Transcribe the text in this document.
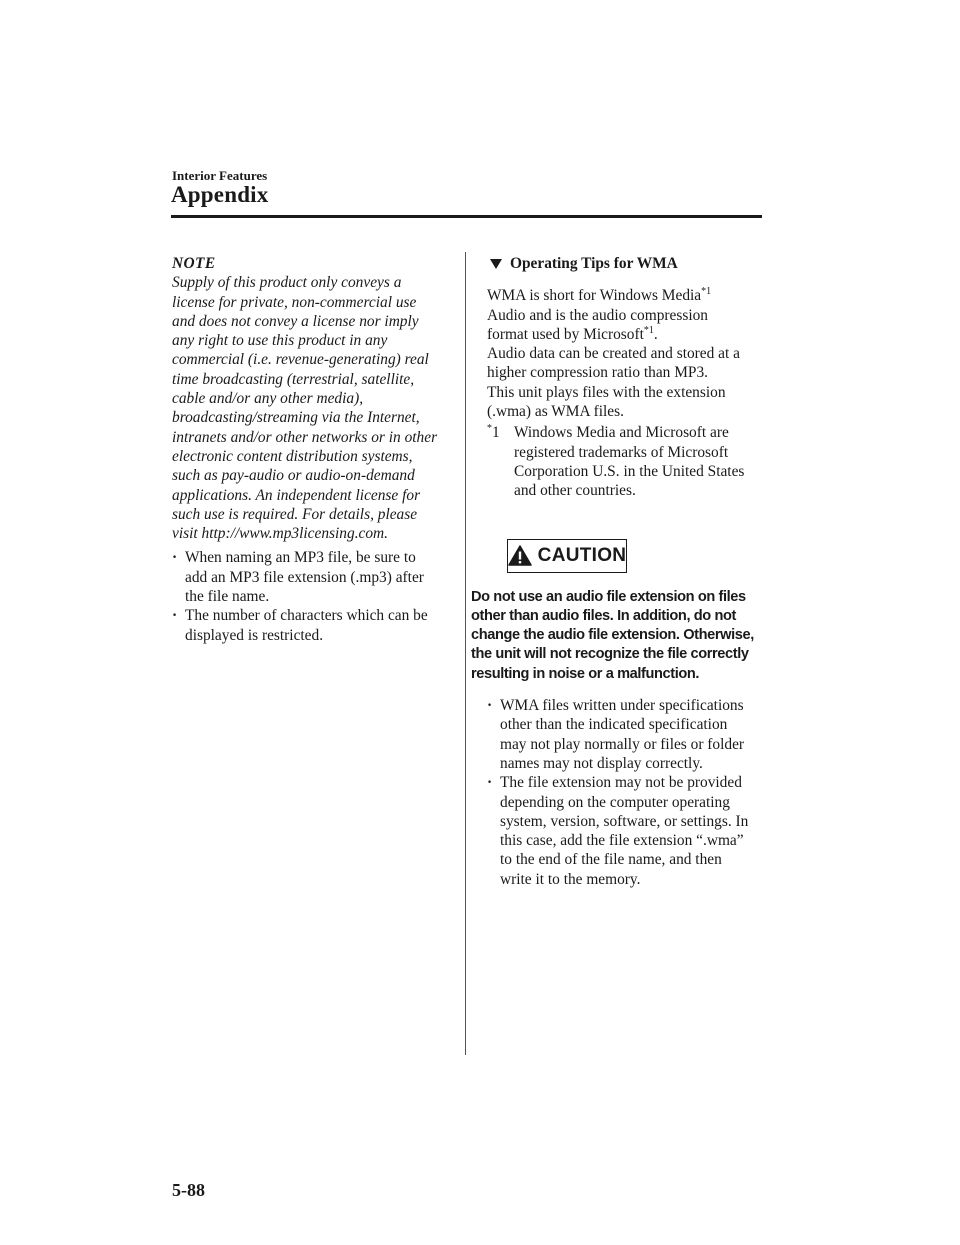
Interior Features
Appendix
NOTE
Supply of this product only conveys a
license for private, non-commercial use
and does not convey a license nor imply
any right to use this product in any
commercial (i.e. revenue-generating) real
time broadcasting (terrestrial, satellite,
cable and/or any other media),
broadcasting/streaming via the Internet,
intranets and/or other networks or in other
electronic content distribution systems,
such as pay-audio or audio-on-demand
applications. An independent license for
such use is required. For details, please
visit http://www.mp3licensing.com.
·
When naming an MP3 file, be sure to
add an MP3 file extension (.mp3) after
the file name.
·
The number of characters which can be
displayed is restricted.
Operating Tips for WMA
WMA is short for Windows Media$^{*1}$
Audio and is the audio compression
format used by Microsoft$^{*1}$.
Audio data can be created and stored at a
higher compression ratio than MP3.
This unit plays files with the extension
(.wma) as WMA files.
*1 Windows Media and Microsoft are
registered trademarks of Microsoft
Corporation U.S. in the United States
and other countries.
CAUTION
Do not use an audio file extension on files
other than audio files. In addition, do not
change the audio file extension. Otherwise,
the unit will not recognize the file correctly
resulting in noise or a malfunction.
·
WMA files written under specifications
other than the indicated specification
may not play normally or files or folder
names may not display correctly.
·
The file extension may not be provided
depending on the computer operating
system, version, software, or settings. In
this case, add the file extension “.wma”
to the end of the file name, and then
write it to the memory.
5-88
